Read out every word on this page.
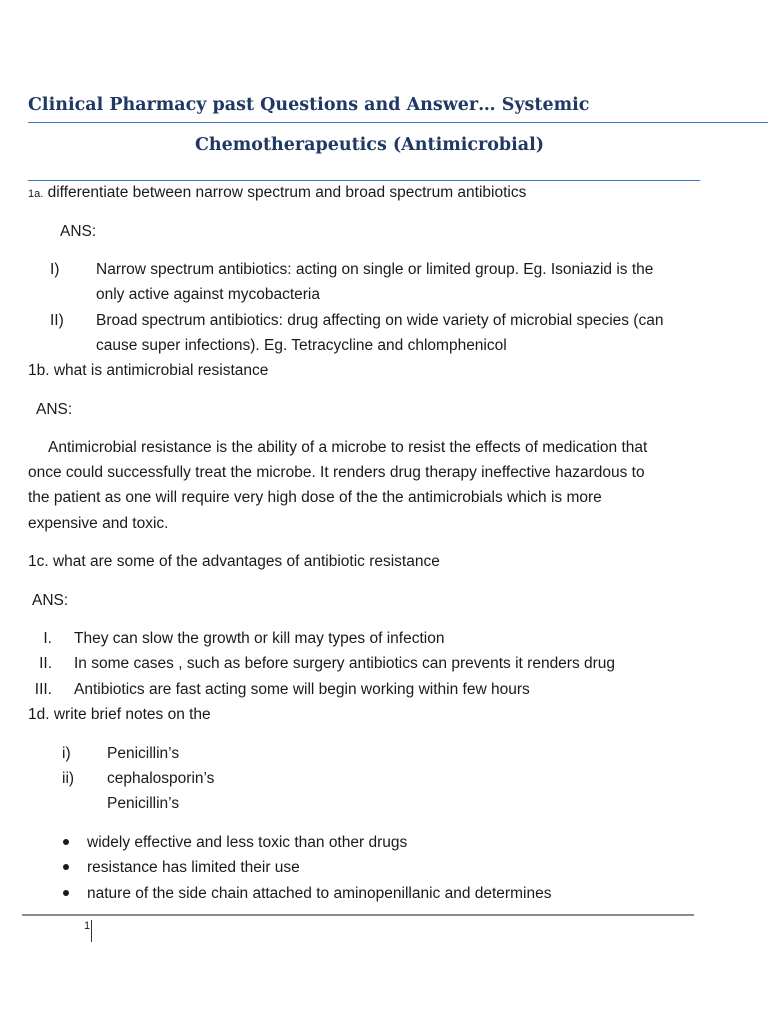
Clinical Pharmacy past Questions and Answer… Systemic
Chemotherapeutics (Antimicrobial)
1a. differentiate between narrow spectrum and broad spectrum antibiotics
ANS:
I) Narrow spectrum antibiotics: acting on single or limited group. Eg. Isoniazid is the
only active against mycobacteria
II) Broad spectrum antibiotics: drug affecting on wide variety of microbial species (can
cause super infections). Eg. Tetracycline and chlomphenicol
1b. what is antimicrobial resistance
ANS:
Antimicrobial resistance is the ability of a microbe to resist the effects of medication that
once could successfully treat the microbe. It renders drug therapy ineffective hazardous to
the patient as one will require very high dose of the the antimicrobials which is more
expensive and toxic.
1c. what are some of the advantages of antibiotic resistance
ANS:
I. They can slow the growth or kill may types of infection
II. In some cases , such as before surgery antibiotics can prevents it renders drug
III. Antibiotics are fast acting some will begin working within few hours
1d. write brief notes on the
i) Penicillin’s
ii) cephalosporin’s
Penicillin’s
widely effective and less toxic than other drugs
resistance has limited their use
nature of the side chain attached to aminopenillanic and determines
1
